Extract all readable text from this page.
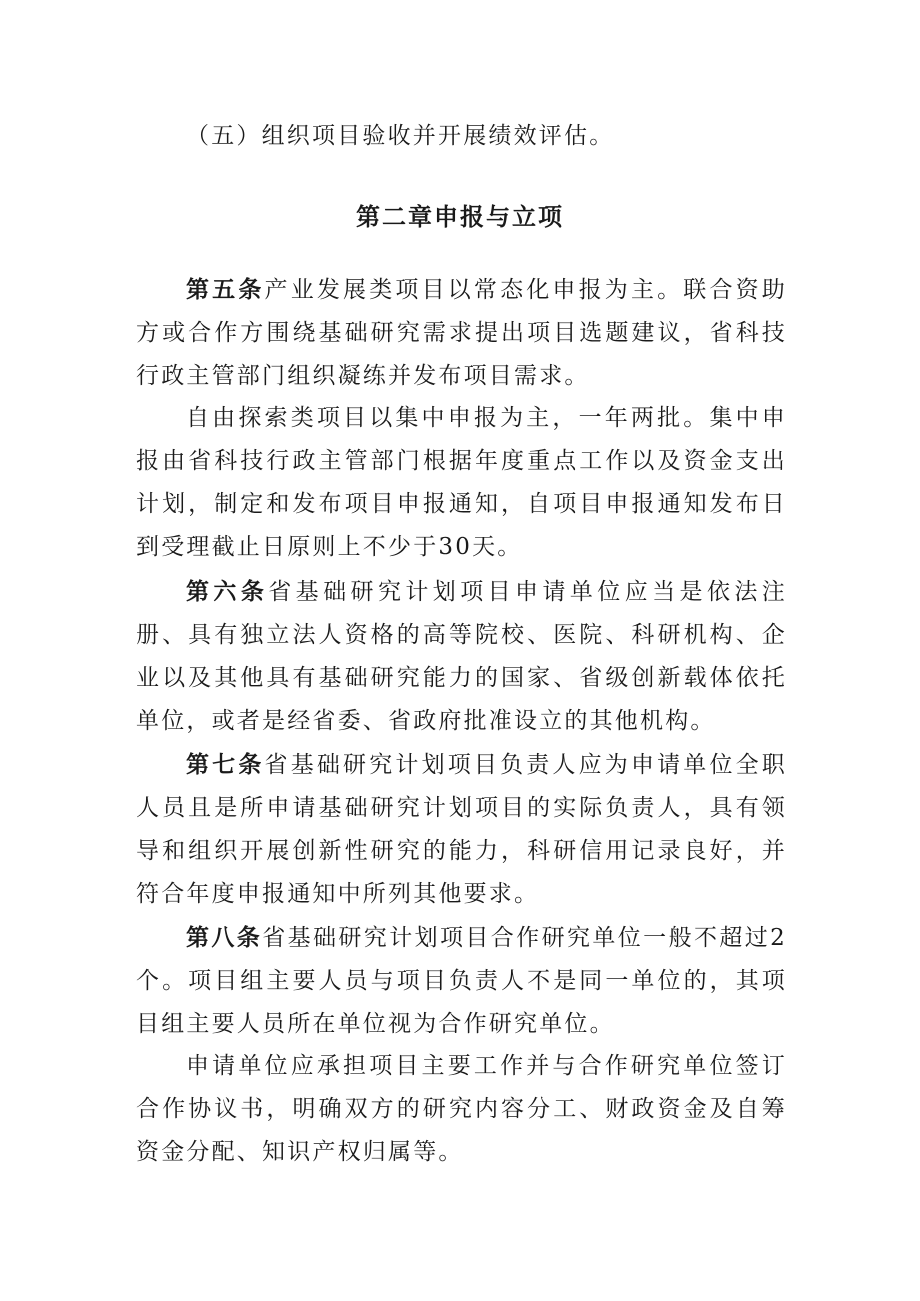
（五）组织项目验收并开展绩效评估。

第二章申报与立项

第五条产业发展类项目以常态化申报为主。联合资助方或合作方围绕基础研究需求提出项目选题建议，省科技行政主管部门组织凝练并发布项目需求。

自由探索类项目以集中申报为主，一年两批。集中申报由省科技行政主管部门根据年度重点工作以及资金支出计划，制定和发布项目申报通知，自项目申报通知发布日到受理截止日原则上不少于30天。

第六条省基础研究计划项目申请单位应当是依法注册、具有独立法人资格的高等院校、医院、科研机构、企业以及其他具有基础研究能力的国家、省级创新载体依托单位，或者是经省委、省政府批准设立的其他机构。

第七条省基础研究计划项目负责人应为申请单位全职人员且是所申请基础研究计划项目的实际负责人，具有领导和组织开展创新性研究的能力，科研信用记录良好，并符合年度申报通知中所列其他要求。

第八条省基础研究计划项目合作研究单位一般不超过2个。项目组主要人员与项目负责人不是同一单位的，其项目组主要人员所在单位视为合作研究单位。

申请单位应承担项目主要工作并与合作研究单位签订合作协议书，明确双方的研究内容分工、财政资金及自筹资金分配、知识产权归属等。
